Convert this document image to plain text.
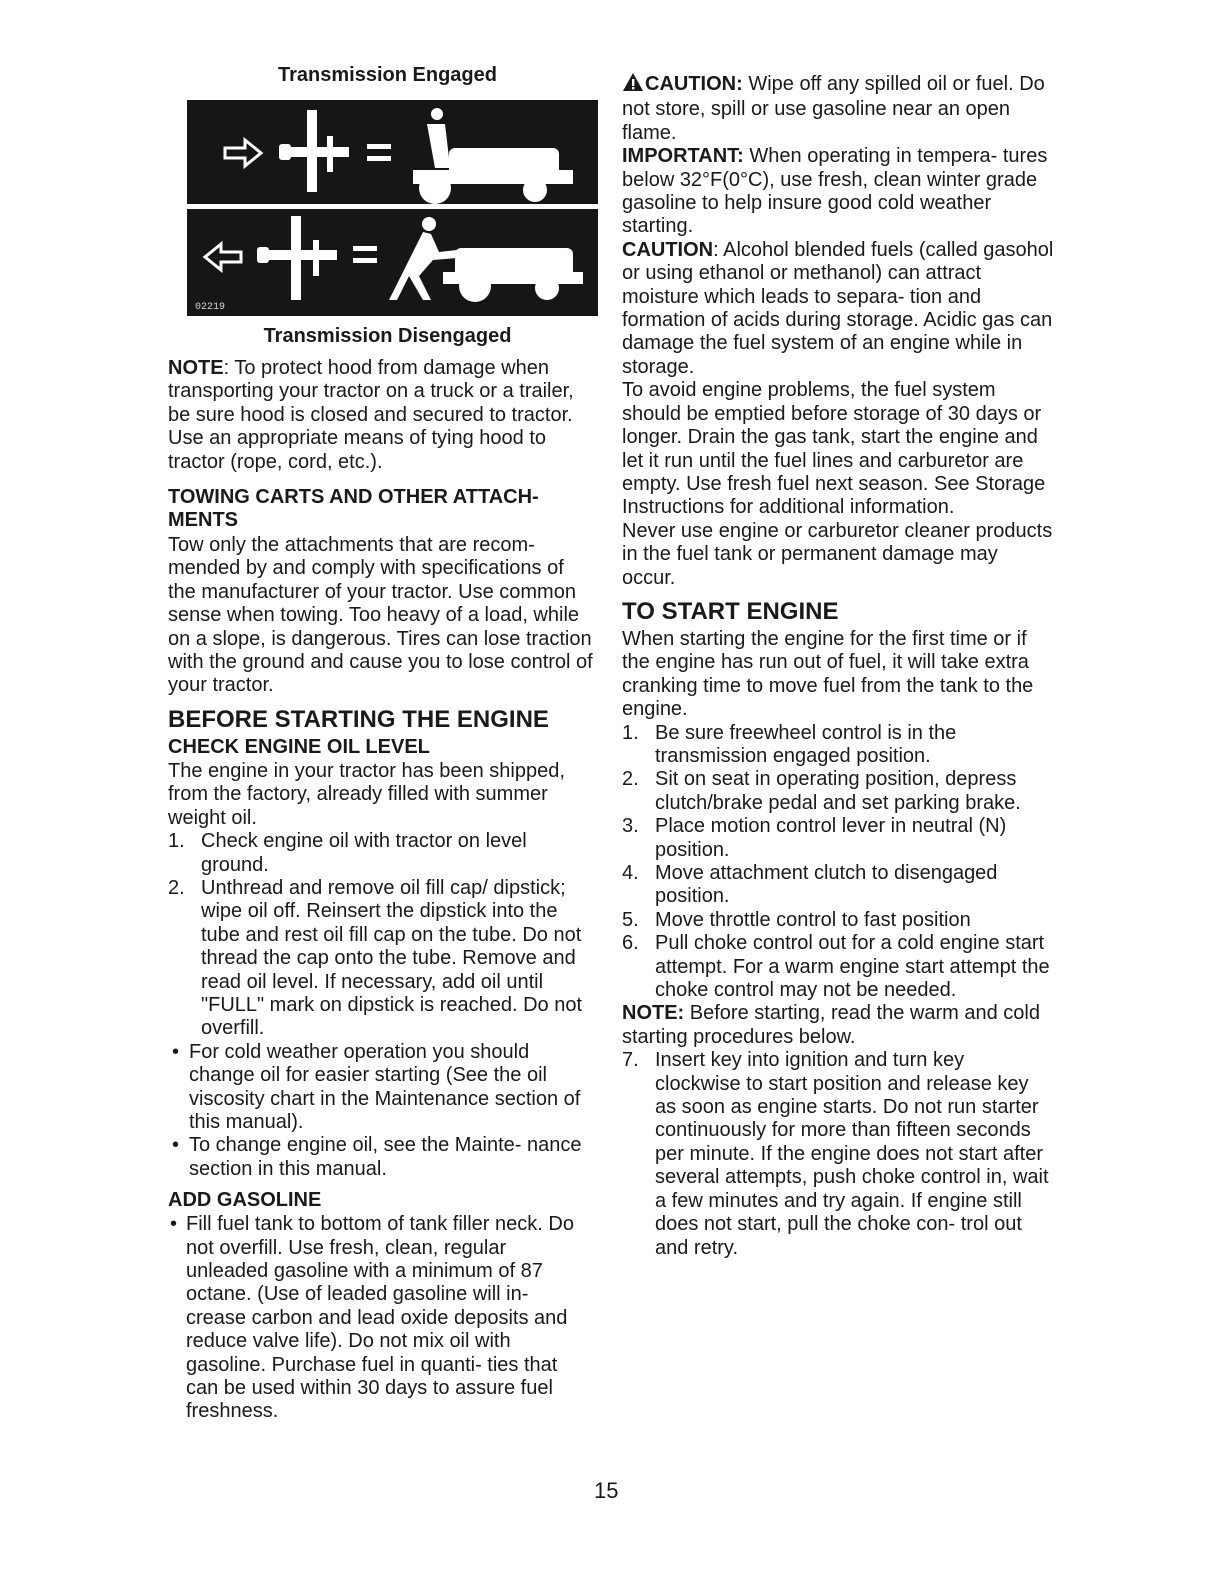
Transmission Engaged
02219
Transmission Disengaged

NOTE: To protect hood from damage when transporting your tractor on a truck or a trailer, be sure hood is closed and secured to tractor. Use an appropriate means of tying hood to tractor (rope, cord, etc.).

TOWING CARTS AND OTHER ATTACH- MENTS

Tow only the attachments that are recom- mended by and comply with specifications of the manufacturer of your tractor. Use common sense when towing. Too heavy of a load, while on a slope, is dangerous. Tires can lose traction with the ground and cause you to lose control of your tractor.

BEFORE STARTING THE ENGINE
CHECK ENGINE OIL LEVEL

The engine in your tractor has been shipped, from the factory, already filled with summer weight oil.

1. Check engine oil with tractor on level ground.
2. Unthread and remove oil fill cap/ dipstick; wipe oil off. Reinsert the dipstick into the tube and rest oil fill cap on the tube. Do not thread the cap onto the tube. Remove and read oil level. If necessary, add oil until "FULL" mark on dipstick is reached. Do not overfill.
• For cold weather operation you should change oil for easier starting (See the oil viscosity chart in the Maintenance section of this manual).
• To change engine oil, see the Mainte- nance section in this manual.
ADD GASOLINE
• Fill fuel tank to bottom of tank filler neck. Do not overfill. Use fresh, clean, regular unleaded gasoline with a minimum of 87 octane. (Use of leaded gasoline will in- crease carbon and lead oxide deposits and reduce valve life). Do not mix oil with gasoline. Purchase fuel in quanti- ties that can be used within 30 days to assure fuel freshness.

CAUTION: Wipe off any spilled oil or fuel. Do not store, spill or use gasoline near an open flame.

IMPORTANT: When operating in tempera- tures below 32°F(0°C), use fresh, clean winter grade gasoline to help insure good cold weather starting.

CAUTION: Alcohol blended fuels (called gasohol or using ethanol or methanol) can attract moisture which leads to separa- tion and formation of acids during storage. Acidic gas can damage the fuel system of an engine while in storage.

To avoid engine problems, the fuel system should be emptied before storage of 30 days or longer. Drain the gas tank, start the engine and let it run until the fuel lines and carburetor are empty. Use fresh fuel next season. See Storage Instructions for additional information.

Never use engine or carburetor cleaner products in the fuel tank or permanent damage may occur.

TO START ENGINE

When starting the engine for the first time or if the engine has run out of fuel, it will take extra cranking time to move fuel from the tank to the engine.

1. Be sure freewheel control is in the transmission engaged position.
2. Sit on seat in operating position, depress clutch/brake pedal and set parking brake.
3. Place motion control lever in neutral (N) position.
4. Move attachment clutch to disengaged position.
5. Move throttle control to fast position
6. Pull choke control out for a cold engine start attempt. For a warm engine start attempt the choke control may not be needed.

NOTE: Before starting, read the warm and cold starting procedures below.

7. Insert key into ignition and turn key clockwise to start position and release key as soon as engine starts. Do not run starter continuously for more than fifteen seconds per minute. If the engine does not start after several attempts, push choke control in, wait a few minutes and try again. If engine still does not start, pull the choke con- trol out and retry.
15
